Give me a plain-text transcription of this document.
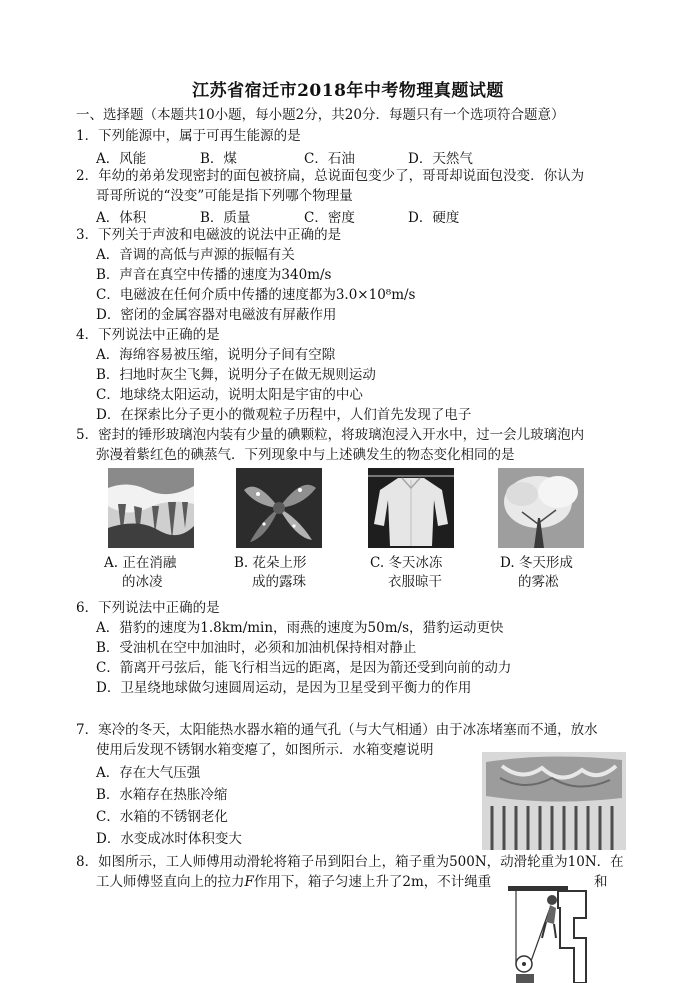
江苏省宿迁市2018年中考物理真题试题
一、选择题（本题共10小题，每小题2分，共20分．每题只有一个选项符合题意）
1．下列能源中，属于可再生能源的是
A．风能	B．煤	C．石油	D．天然气
2．年幼的弟弟发现密封的面包被挤扁，总说面包变少了，哥哥却说面包没变．你认为
哥哥所说的“没变”可能是指下列哪个物理量
A．体积	B．质量	C．密度	D．硬度
3．下列关于声波和电磁波的说法中正确的是
A．音调的高低与声源的振幅有关
B．声音在真空中传播的速度为340m/s
C．电磁波在任何介质中传播的速度都为3.0×10⁸m/s
D．密闭的金属容器对电磁波有屏蔽作用
4．下列说法中正确的是
A．海绵容易被压缩，说明分子间有空隙
B．扫地时灰尘飞舞，说明分子在做无规则运动
C．地球绕太阳运动，说明太阳是宇宙的中心
D．在探索比分子更小的微观粒子历程中，人们首先发现了电子
5．密封的锤形玻璃泡内装有少量的碘颗粒，将玻璃泡浸入开水中，过一会儿玻璃泡内
弥漫着紫红色的碘蒸气．下列现象中与上述碘发生的物态变化相同的是
A. 正在消融
的冰凌
B. 花朵上形
成的露珠
C. 冬天冰冻
衣服晾干
D. 冬天形成
的雾凇
6．下列说法中正确的是
A．猎豹的速度为1.8km/min，雨燕的速度为50m/s，猎豹运动更快
B．受油机在空中加油时，必须和加油机保持相对静止
C．箭离开弓弦后，能飞行相当远的距离，是因为箭还受到向前的动力
D．卫星绕地球做匀速圆周运动，是因为卫星受到平衡力的作用
7．寒冷的冬天，太阳能热水器水箱的通气孔（与大气相通）由于冰冻堵塞而不通，放水
使用后发现不锈钢水箱变瘪了，如图所示．水箱变瘪说明
A．存在大气压强
B．水箱存在热胀冷缩
C．水箱的不锈钢老化
D．水变成冰时体积变大
8．如图所示，工人师傅用动滑轮将箱子吊到阳台上，箱子重为500N，动滑轮重为10N．在
工人师傅竖直向上的拉力F作用下，箱子匀速上升了2m，不计绳重	和
